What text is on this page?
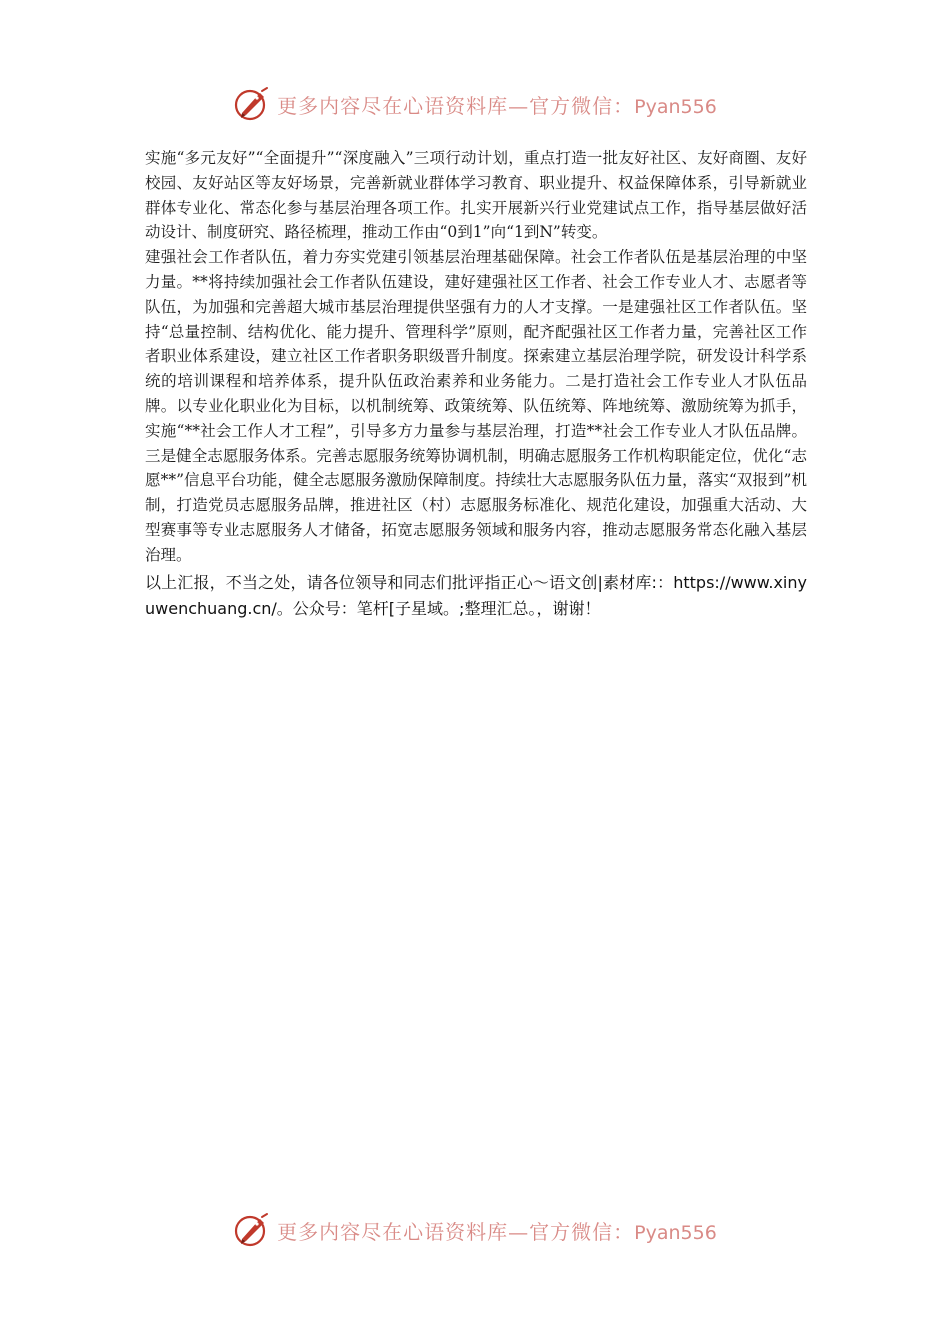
更多内容尽在心语资料库—官方微信：Pyan556

实施“多元友好”“全面提升”“深度融入”三项行动计划，重点打造一批友好社区、友好商圈、友好校园、友好站区等友好场景，完善新就业群体学习教育、职业提升、权益保障体系，引导新就业群体专业化、常态化参与基层治理各项工作。扎实开展新兴行业党建试点工作，指导基层做好活动设计、制度研究、路径梳理，推动工作由“0到1”向“1到N”转变。

建强社会工作者队伍，着力夯实党建引领基层治理基础保障。社会工作者队伍是基层治理的中坚力量。**将持续加强社会工作者队伍建设，建好建强社区工作者、社会工作专业人才、志愿者等队伍，为加强和完善超大城市基层治理提供坚强有力的人才支撑。一是建强社区工作者队伍。坚持“总量控制、结构优化、能力提升、管理科学”原则，配齐配强社区工作者力量，完善社区工作者职业体系建设，建立社区工作者职务职级晋升制度。探索建立基层治理学院，研发设计科学系统的培训课程和培养体系，提升队伍政治素养和业务能力。二是打造社会工作专业人才队伍品牌。以专业化职业化为目标，以机制统筹、政策统筹、队伍统筹、阵地统筹、激励统筹为抓手，实施“**社会工作人才工程”，引导多方力量参与基层治理，打造**社会工作专业人才队伍品牌。三是健全志愿服务体系。完善志愿服务统筹协调机制，明确志愿服务工作机构职能定位，优化“志愿**”信息平台功能，健全志愿服务激励保障制度。持续壮大志愿服务队伍力量，落实“双报到”机制，打造党员志愿服务品牌，推进社区（村）志愿服务标准化、规范化建设，加强重大活动、大型赛事等专业志愿服务人才储备，拓宽志愿服务领域和服务内容，推动志愿服务常态化融入基层治理。

以上汇报，不当之处，请各位领导和同志们批评指正心～语文创|素材库:：https://www.xinyuwenchuang.cn/。公众号：笔杆[子星域。;整理汇总。，谢谢！

更多内容尽在心语资料库—官方微信：Pyan556
